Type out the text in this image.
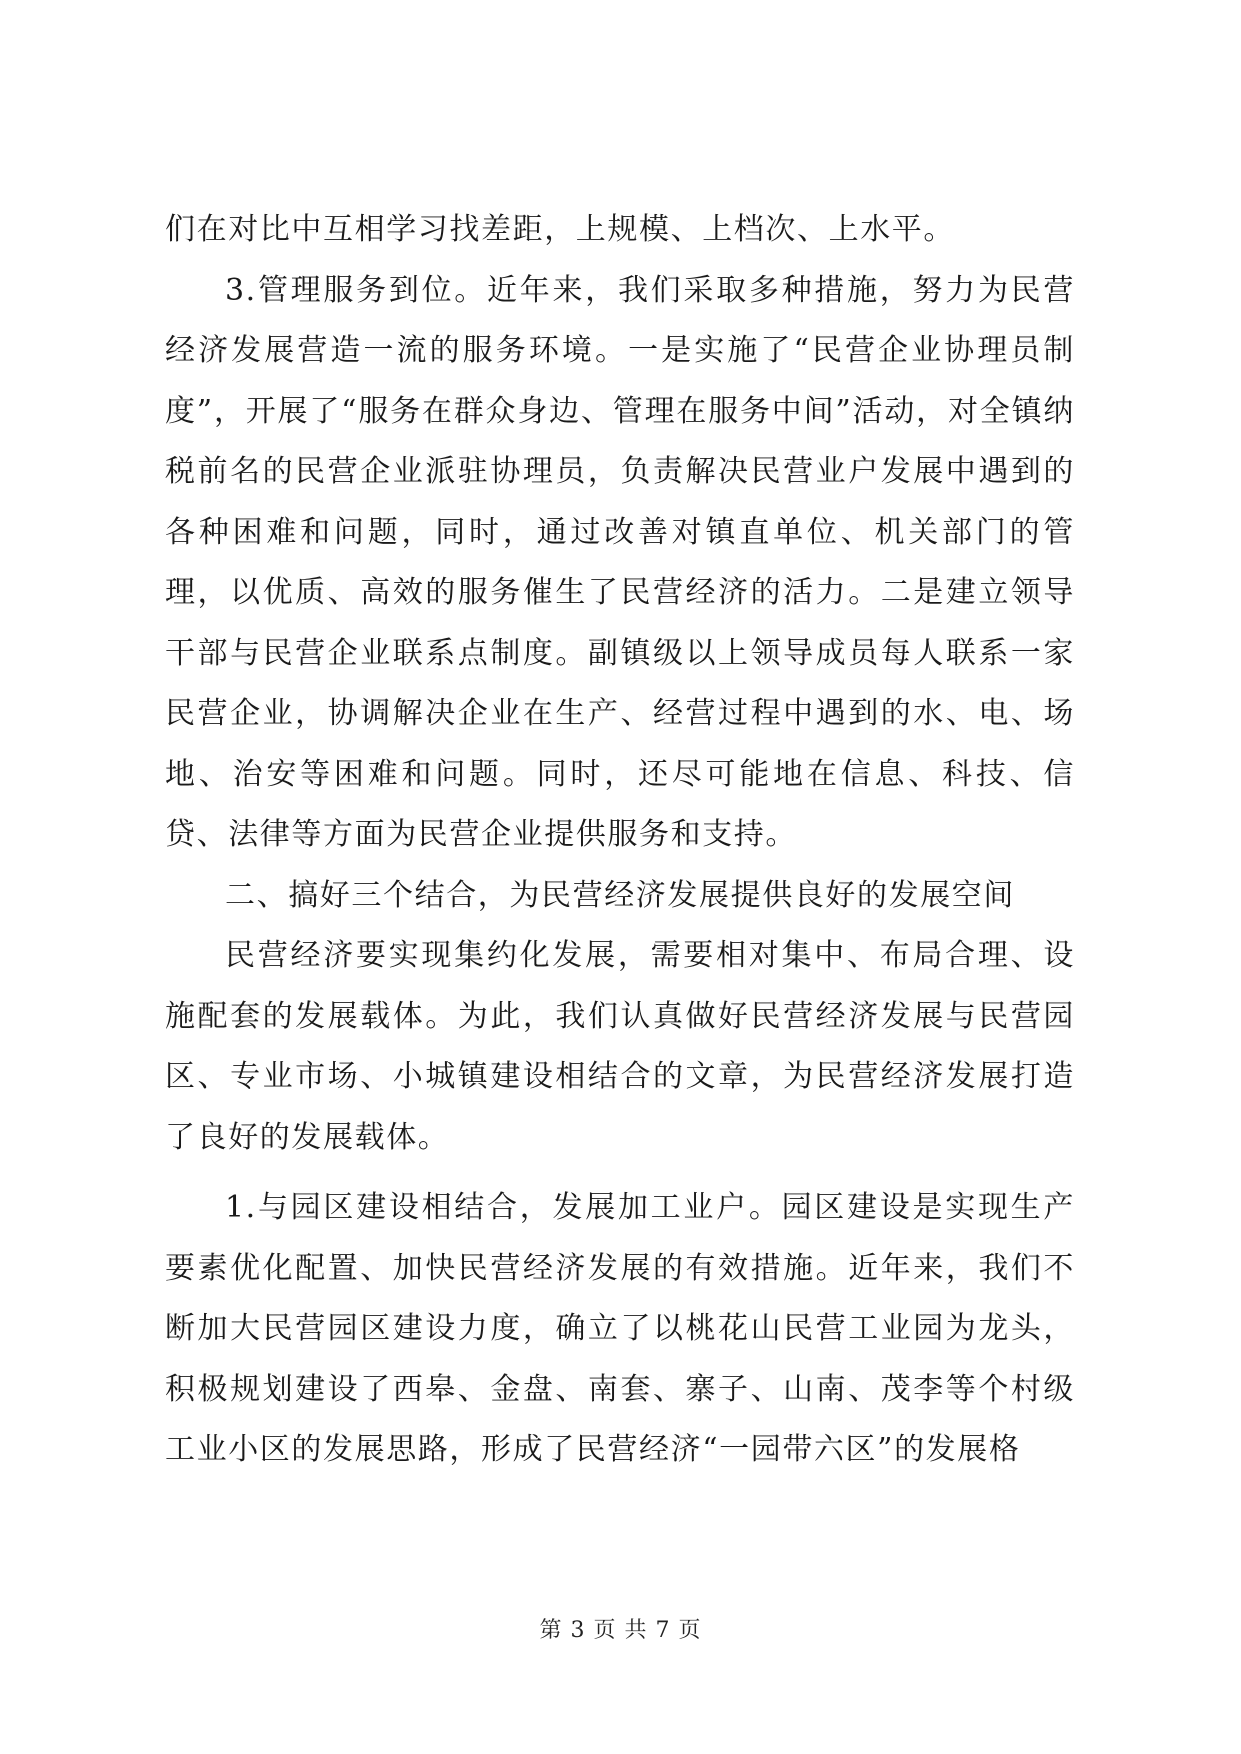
们在对比中互相学习找差距，上规模、上档次、上水平。

3.管理服务到位。近年来，我们采取多种措施，努力为民营经济发展营造一流的服务环境。一是实施了“民营企业协理员制度”，开展了“服务在群众身边、管理在服务中间”活动，对全镇纳税前名的民营企业派驻协理员，负责解决民营业户发展中遇到的各种困难和问题，同时，通过改善对镇直单位、机关部门的管理，以优质、高效的服务催生了民营经济的活力。二是建立领导干部与民营企业联系点制度。副镇级以上领导成员每人联系一家民营企业，协调解决企业在生产、经营过程中遇到的水、电、场地、治安等困难和问题。同时，还尽可能地在信息、科技、信贷、法律等方面为民营企业提供服务和支持。

二、搞好三个结合，为民营经济发展提供良好的发展空间

民营经济要实现集约化发展，需要相对集中、布局合理、设施配套的发展载体。为此，我们认真做好民营经济发展与民营园区、专业市场、小城镇建设相结合的文章，为民营经济发展打造了良好的发展载体。

1.与园区建设相结合，发展加工业户。园区建设是实现生产要素优化配置、加快民营经济发展的有效措施。近年来，我们不断加大民营园区建设力度，确立了以桃花山民营工业园为龙头，积极规划建设了西皋、金盘、南套、寨子、山南、茂李等个村级工业小区的发展思路，形成了民营经济“一园带六区”的发展格

第 3 页 共 7 页
